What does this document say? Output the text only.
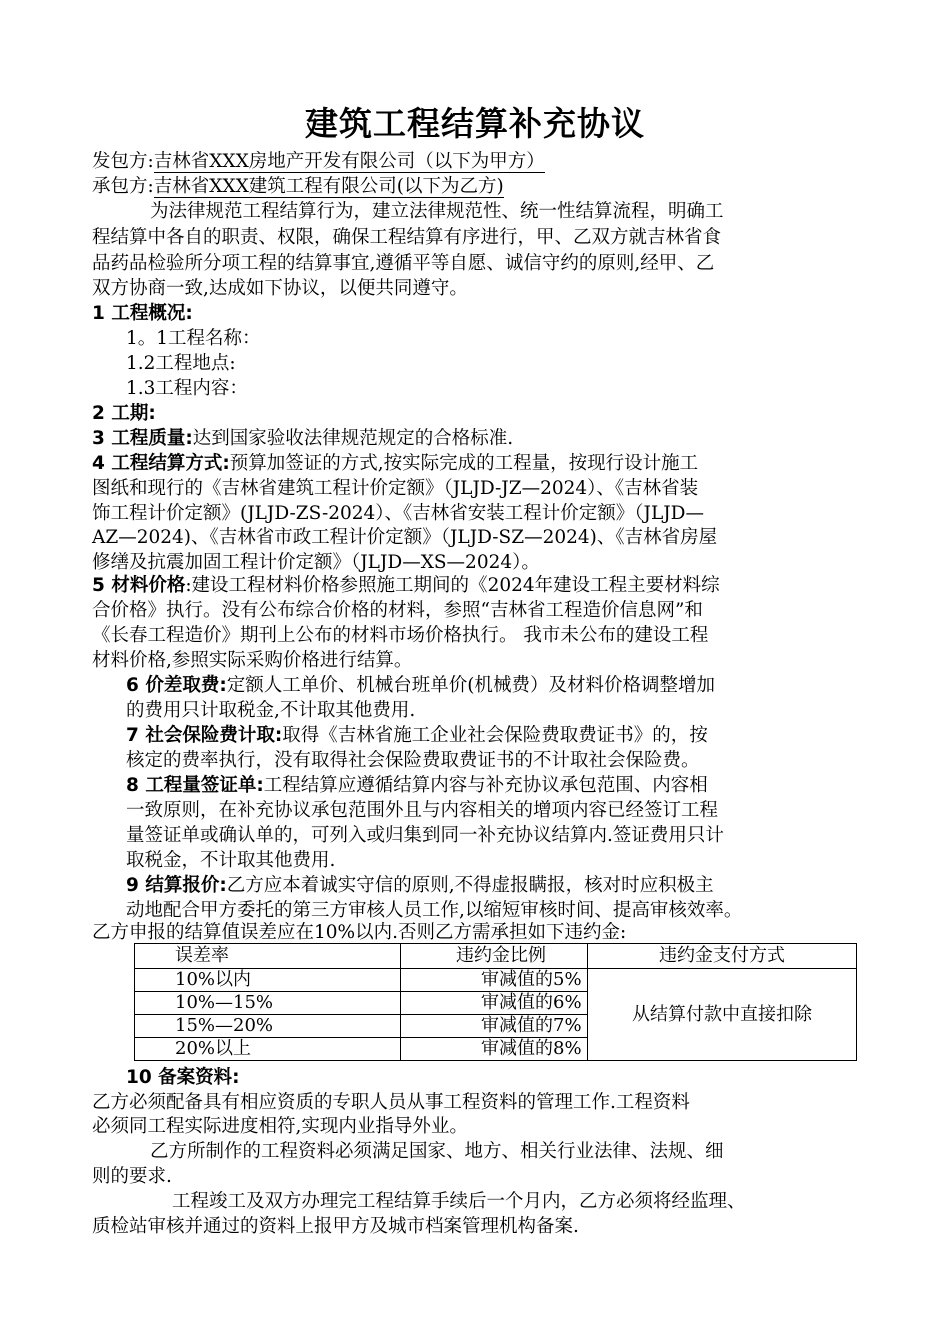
建筑工程结算补充协议
发包方:吉林省XXX房地产开发有限公司（以下为甲方）
承包方:吉林省XXX建筑工程有限公司(以下为乙方)
为法律规范工程结算行为，建立法律规范性、统一性结算流程，明确工
程结算中各自的职责、权限，确保工程结算有序进行，甲、乙双方就吉林省食
品药品检验所分项工程的结算事宜,遵循平等自愿、诚信守约的原则,经甲、乙
双方协商一致,达成如下协议，以便共同遵守。
1 工程概况:
1。1工程名称：
1.2工程地点:
1.3工程内容：
2 工期:
3 工程质量:达到国家验收法律规范规定的合格标准.
4 工程结算方式:预算加签证的方式,按实际完成的工程量，按现行设计施工
图纸和现行的《吉林省建筑工程计价定额》（JLJD-JZ—2024）、《吉林省装
饰工程计价定额》(JLJD-ZS-2024）、《吉林省安装工程计价定额》（JLJD—
AZ—2024)、《吉林省市政工程计价定额》（JLJD-SZ—2024)、《吉林省房屋
修缮及抗震加固工程计价定额》（JLJD—XS—2024）。
5 材料价格:建设工程材料价格参照施工期间的《2024年建设工程主要材料综
合价格》执行。没有公布综合价格的材料，参照“吉林省工程造价信息网”和
《长春工程造价》期刊上公布的材料市场价格执行。 我市未公布的建设工程
材料价格,参照实际采购价格进行结算。
6 价差取费:定额人工单价、机械台班单价(机械费）及材料价格调整增加
的费用只计取税金,不计取其他费用.
7 社会保险费计取:取得《吉林省施工企业社会保险费取费证书》的，按
核定的费率执行，没有取得社会保险费取费证书的不计取社会保险费。
8 工程量签证单:工程结算应遵循结算内容与补充协议承包范围、内容相
一致原则，在补充协议承包范围外且与内容相关的增项内容已经签订工程
量签证单或确认单的，可列入或归集到同一补充协议结算内.签证费用只计
取税金，不计取其他费用.
9 结算报价:乙方应本着诚实守信的原则,不得虚报瞒报，核对时应积极主
动地配合甲方委托的第三方审核人员工作,以缩短审核时间、提高审核效率。
乙方申报的结算值误差应在10%以内.否则乙方需承担如下违约金:
误差率	违约金比例	违约金支付方式
10%以内	审减值的5%	从结算付款中直接扣除
10%—15%	审减值的6%	
15%—20%	审减值的7%	
20%以上	审减值的8%	
10 备案资料:
乙方必须配备具有相应资质的专职人员从事工程资料的管理工作.工程资料
必须同工程实际进度相符,实现内业指导外业。
乙方所制作的工程资料必须满足国家、地方、相关行业法律、法规、细
则的要求.
工程竣工及双方办理完工程结算手续后一个月内，乙方必须将经监理、
质检站审核并通过的资料上报甲方及城市档案管理机构备案.
